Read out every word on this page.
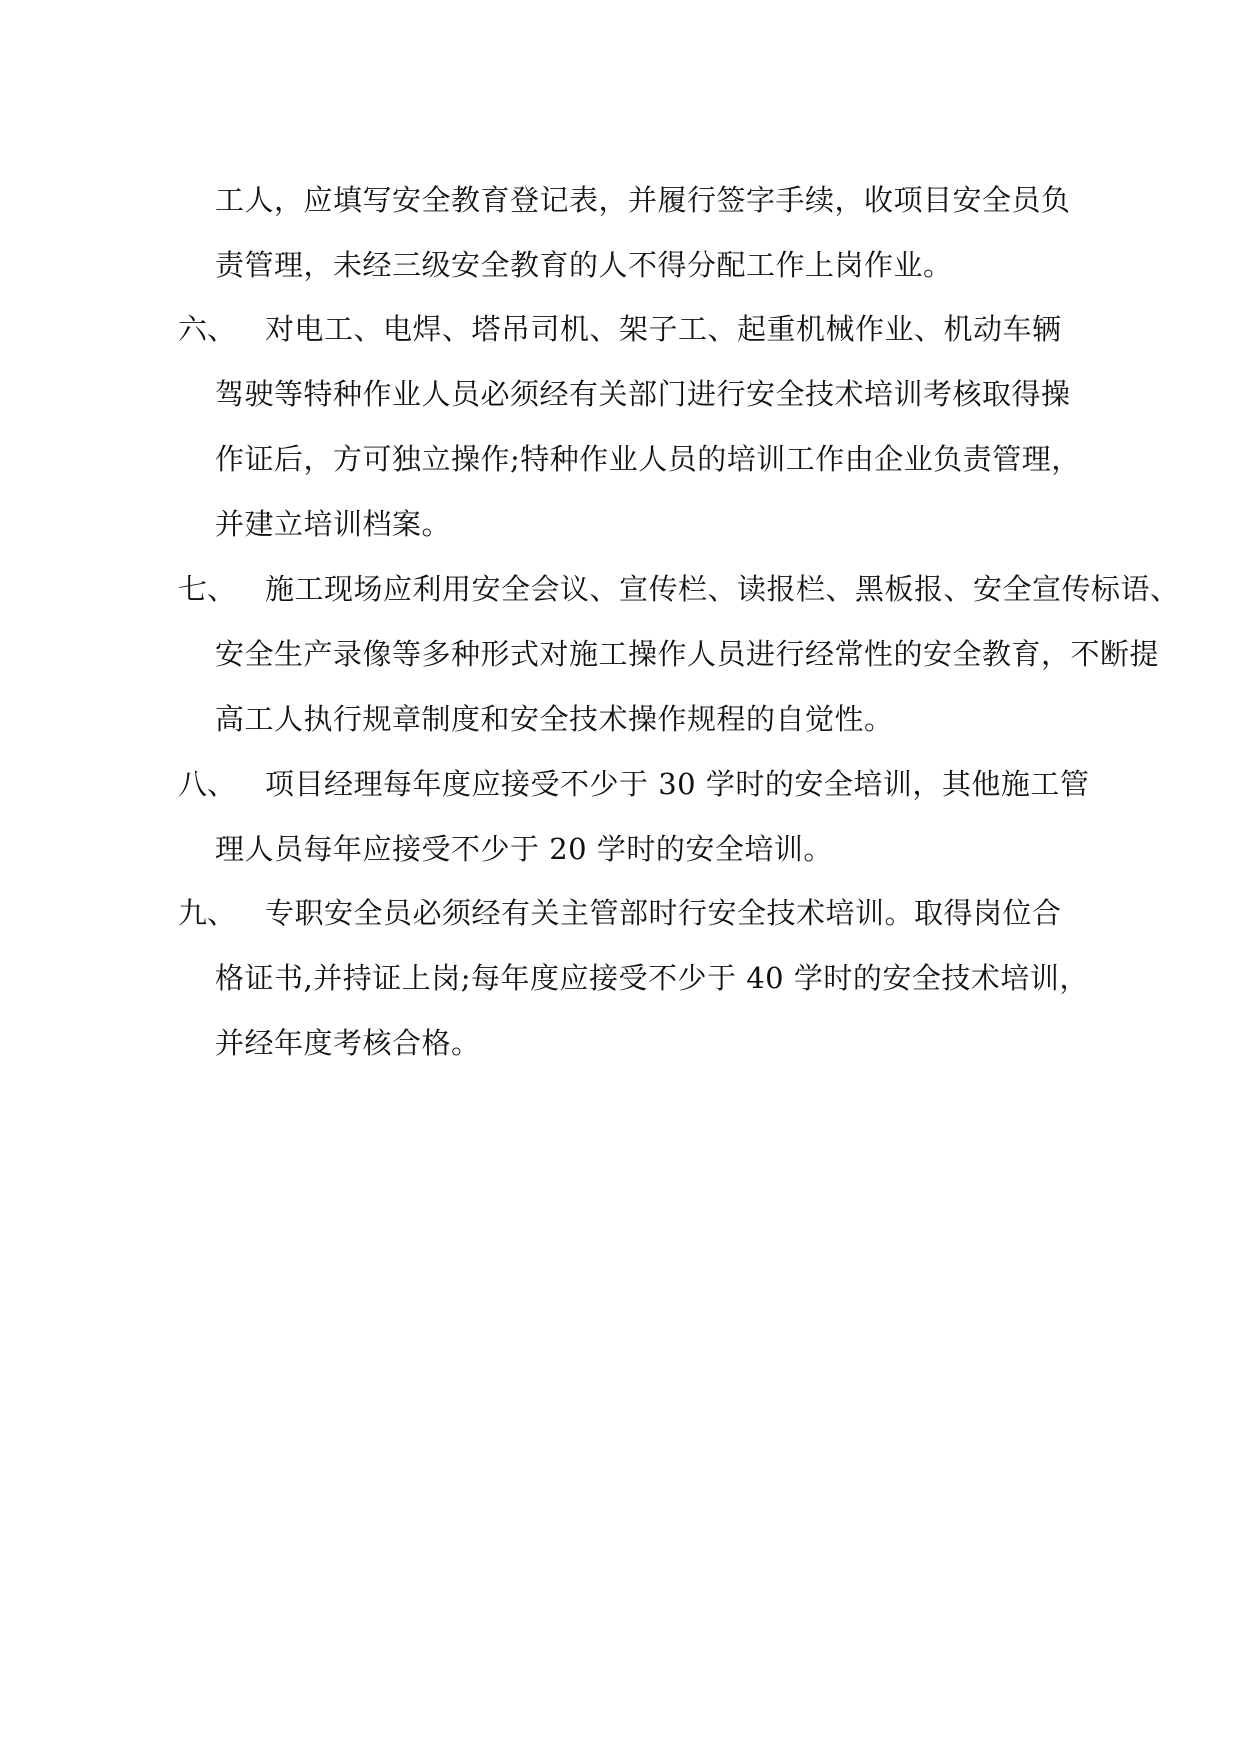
工人，应填写安全教育登记表，并履行签字手续，收项目安全员负
责管理，未经三级安全教育的人不得分配工作上岗作业。
六、 对电工、电焊、塔吊司机、架子工、起重机械作业、机动车辆
驾驶等特种作业人员必须经有关部门进行安全技术培训考核取得操
作证后，方可独立操作;特种作业人员的培训工作由企业负责管理，
并建立培训档案。
七、 施工现场应利用安全会议、宣传栏、读报栏、黑板报、安全宣传标语、
安全生产录像等多种形式对施工操作人员进行经常性的安全教育，不断提
高工人执行规章制度和安全技术操作规程的自觉性。
八、 项目经理每年度应接受不少于 30 学时的安全培训，其他施工管
理人员每年应接受不少于 20 学时的安全培训。
九、 专职安全员必须经有关主管部时行安全技术培训。取得岗位合
格证书,并持证上岗;每年度应接受不少于 40 学时的安全技术培训，
并经年度考核合格。
